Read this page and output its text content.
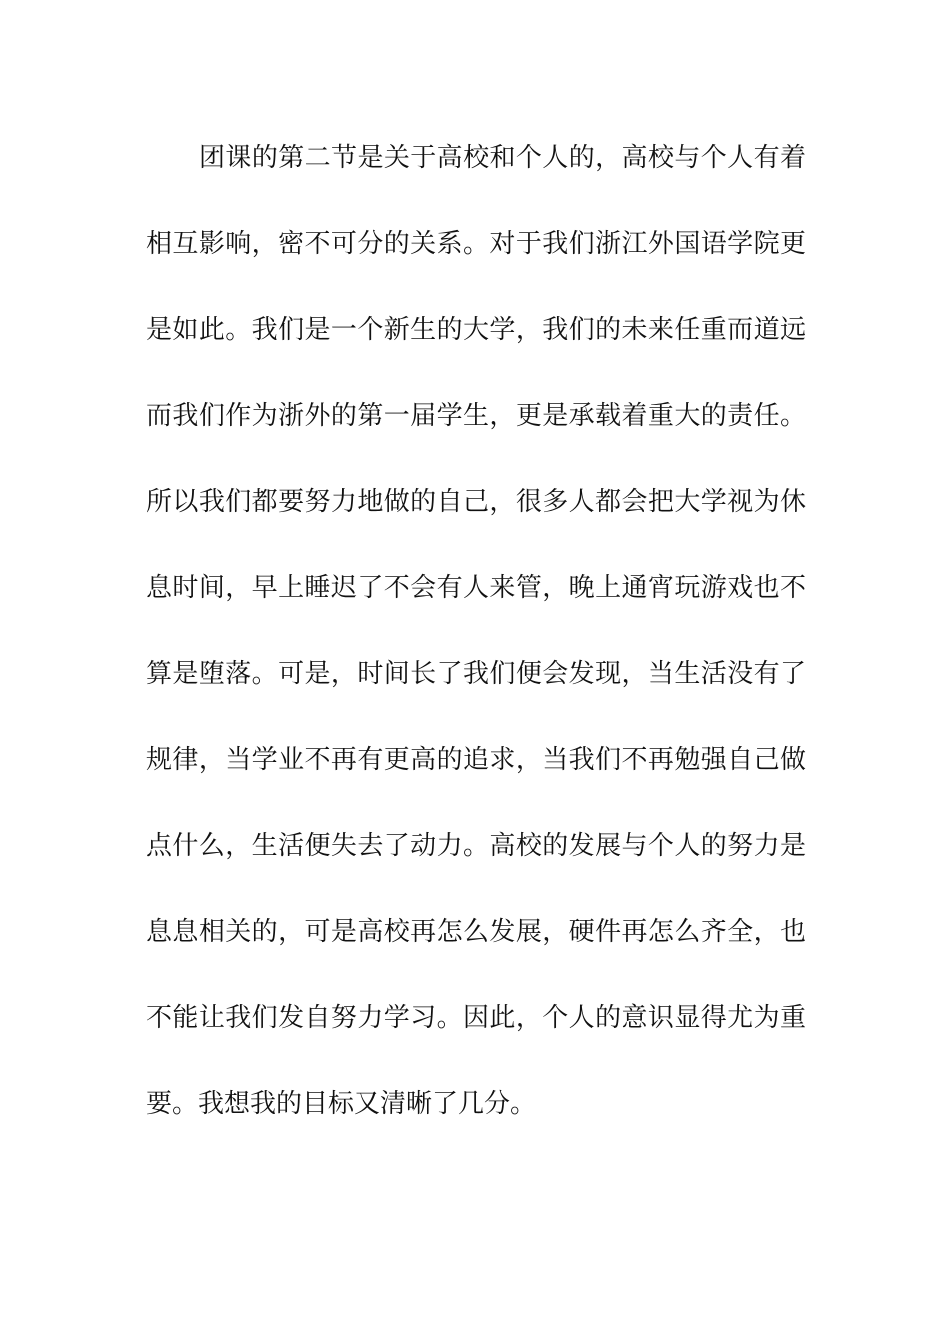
团课的第二节是关于高校和个人的，高校与个人有着
相互影响，密不可分的关系。对于我们浙江外国语学院更
是如此。我们是一个新生的大学，我们的未来任重而道远
而我们作为浙外的第一届学生，更是承载着重大的责任。
所以我们都要努力地做的自己，很多人都会把大学视为休
息时间，早上睡迟了不会有人来管，晚上通宵玩游戏也不
算是堕落。可是，时间长了我们便会发现，当生活没有了
规律，当学业不再有更高的追求，当我们不再勉强自己做
点什么，生活便失去了动力。高校的发展与个人的努力是
息息相关的，可是高校再怎么发展，硬件再怎么齐全，也
不能让我们发自努力学习。因此，个人的意识显得尤为重
要。我想我的目标又清晰了几分。
